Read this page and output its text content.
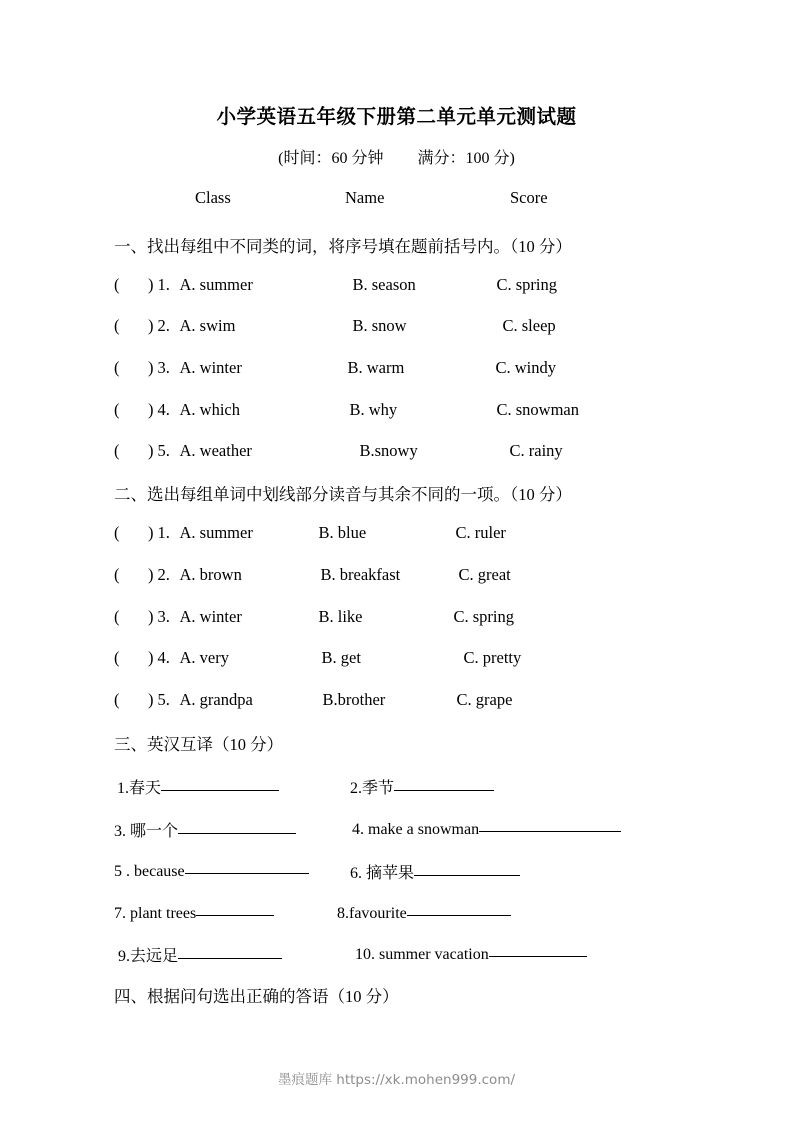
小学英语五年级下册第二单元单元测试题
(时间：60 分钟 满分：100 分)
Class	Name	Score
一、找出每组中不同类的词，将序号填在题前括号内。（10 分）
( ) 1. A. summer	B. season	C. spring
( ) 2. A. swim	B. snow	C. sleep
( ) 3. A. winter	B. warm	C. windy
( ) 4. A. which	B. why	C. snowman
( ) 5. A. weather	B.snowy	C. rainy
二、选出每组单词中划线部分读音与其余不同的一项。（10 分）
( ) 1. A. summer	B. blue	C. ruler
( ) 2. A. brown	B. breakfast	C. great
( ) 3. A. winter	B. like	C. spring
( ) 4. A. very	B. get	C. pretty
( ) 5. A. grandpa	B.brother	C. grape
三、英汉互译（10 分）
1.春天	2.季节
3. 哪一个	4. make a snowman
5 . because	6. 摘苹果
7. plant trees	8.favourite
9.去远足	10. summer vacation
四、根据问句选出正确的答语（10 分）
墨痕题库 https://xk.mohen999.com/
